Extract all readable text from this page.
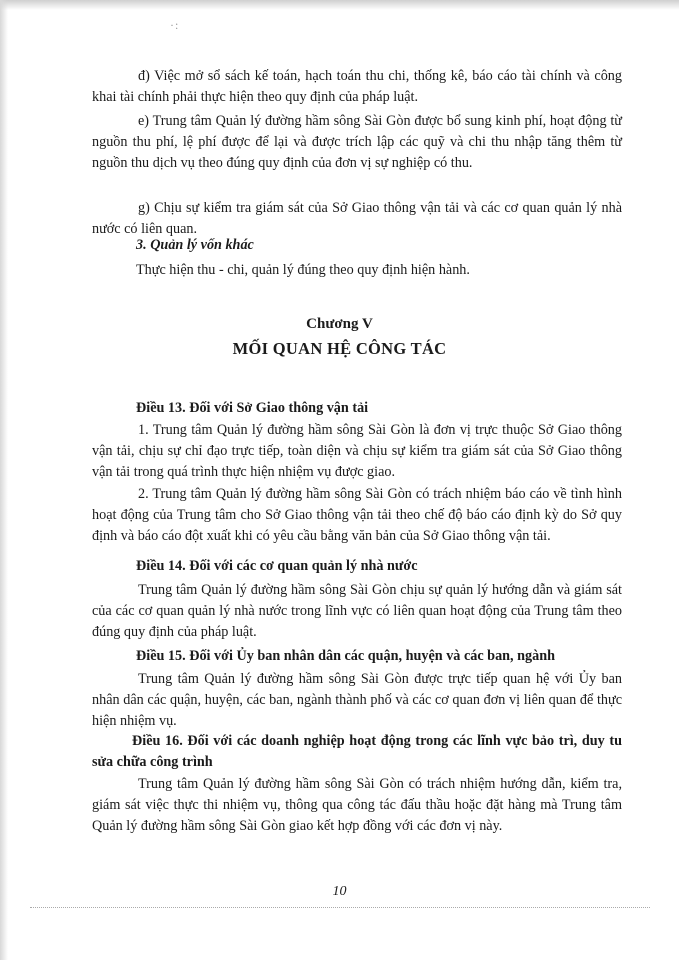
·:

đ) Việc mở sổ sách kế toán, hạch toán thu chi, thống kê, báo cáo tài chính và công khai tài chính phải thực hiện theo quy định của pháp luật.

e) Trung tâm Quản lý đường hầm sông Sài Gòn được bổ sung kinh phí, hoạt động từ nguồn thu phí, lệ phí được để lại và được trích lập các quỹ và chi thu nhập tăng thêm từ nguồn thu dịch vụ theo đúng quy định của đơn vị sự nghiệp có thu.

g) Chịu sự kiểm tra giám sát của Sở Giao thông vận tải và các cơ quan quản lý nhà nước có liên quan.

3. Quản lý vốn khác

Thực hiện thu - chi, quản lý đúng theo quy định hiện hành.

Chương V

MỐI QUAN HỆ CÔNG TÁC

Điều 13. Đối với Sở Giao thông vận tải

1. Trung tâm Quản lý đường hầm sông Sài Gòn là đơn vị trực thuộc Sở Giao thông vận tải, chịu sự chỉ đạo trực tiếp, toàn diện và chịu sự kiểm tra giám sát của Sở Giao thông vận tải trong quá trình thực hiện nhiệm vụ được giao.

2. Trung tâm Quản lý đường hầm sông Sài Gòn có trách nhiệm báo cáo về tình hình hoạt động của Trung tâm cho Sở Giao thông vận tải theo chế độ báo cáo định kỳ do Sở quy định và báo cáo đột xuất khi có yêu cầu bằng văn bản của Sở Giao thông vận tải.

Điều 14. Đối với các cơ quan quản lý nhà nước

Trung tâm Quản lý đường hầm sông Sài Gòn chịu sự quản lý hướng dẫn và giám sát của các cơ quan quản lý nhà nước trong lĩnh vực có liên quan hoạt động của Trung tâm theo đúng quy định của pháp luật.

Điều 15. Đối với Ủy ban nhân dân các quận, huyện và các ban, ngành

Trung tâm Quản lý đường hầm sông Sài Gòn được trực tiếp quan hệ với Ủy ban nhân dân các quận, huyện, các ban, ngành thành phố và các cơ quan đơn vị liên quan để thực hiện nhiệm vụ.

Điều 16. Đối với các doanh nghiệp hoạt động trong các lĩnh vực bảo trì, duy tu sửa chữa công trình

Trung tâm Quản lý đường hầm sông Sài Gòn có trách nhiệm hướng dẫn, kiểm tra, giám sát việc thực thi nhiệm vụ, thông qua công tác đấu thầu hoặc đặt hàng mà Trung tâm Quản lý đường hầm sông Sài Gòn giao kết hợp đồng với các đơn vị này.

10
